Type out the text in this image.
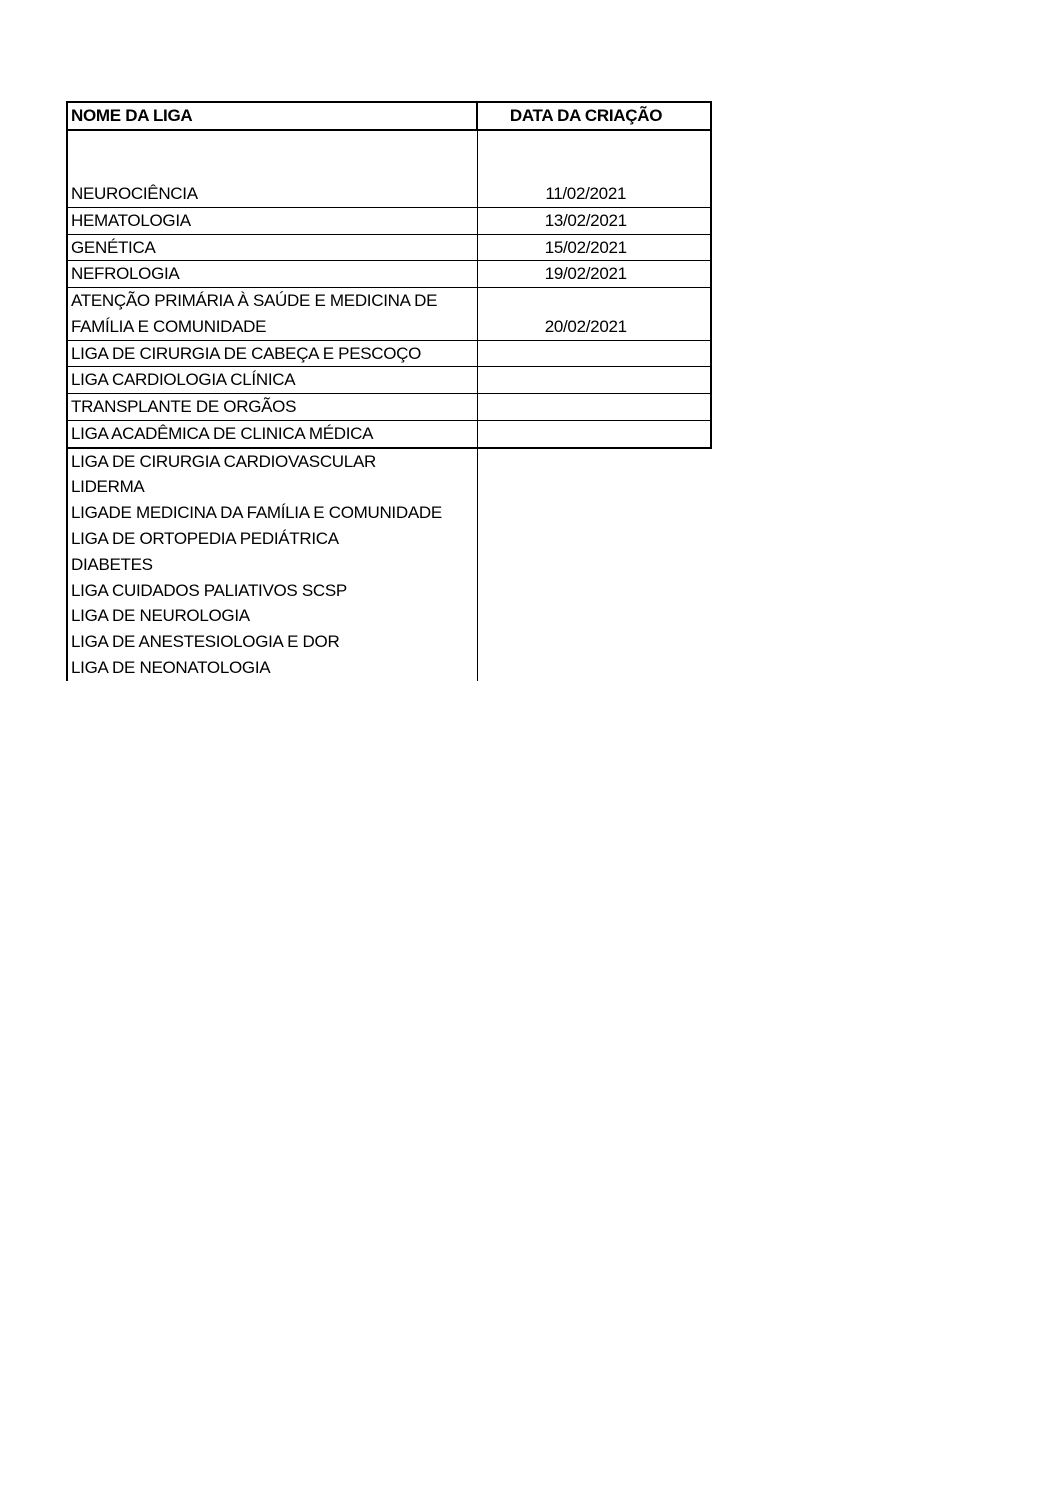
NOME DA LIGA	DATA DA CRIAÇÃO
NEUROCIÊNCIA	11/02/2021
HEMATOLOGIA	13/02/2021
GENÉTICA	15/02/2021
NEFROLOGIA	19/02/2021
ATENÇÃO PRIMÁRIA À SAÚDE E MEDICINA DE FAMÍLIA E COMUNIDADE	20/02/2021
LIGA DE CIRURGIA DE CABEÇA E PESCOÇO	
LIGA CARDIOLOGIA CLÍNICA	
TRANSPLANTE DE ORGÃOS	
LIGA ACADÊMICA DE CLINICA MÉDICA	
LIGA DE CIRURGIA CARDIOVASCULAR	
LIDERMA	
LIGADE MEDICINA DA FAMÍLIA E COMUNIDADE	
LIGA DE ORTOPEDIA PEDIÁTRICA	
DIABETES	
LIGA CUIDADOS PALIATIVOS SCSP	
LIGA DE NEUROLOGIA	
LIGA DE ANESTESIOLOGIA E DOR	
LIGA DE NEONATOLOGIA	
